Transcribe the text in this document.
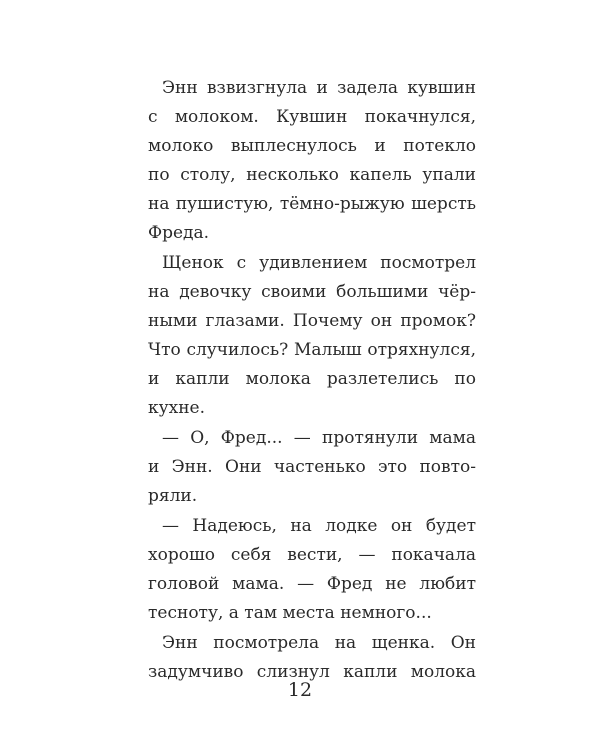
Энн взвизгнула и задела кувшин
с молоком. Кувшин покачнулся,
молоко выплеснулось и потекло
по столу, несколько капель упали
на пушистую, тёмно-рыжую шерсть
Фреда.
Щенок с удивлением посмотрел
на девочку своими большими чёр-
ными глазами. Почему он промок?
Что случилось? Малыш отряхнулся,
и капли молока разлетелись по
кухне.
— О, Фред... — протянули мама
и Энн. Они частенько это повто-
ряли.
— Надеюсь, на лодке он будет
хорошо себя вести, — покачала
головой мама. — Фред не любит
тесноту, а там места немного...
Энн посмотрела на щенка. Он
задумчиво слизнул капли молока
12
